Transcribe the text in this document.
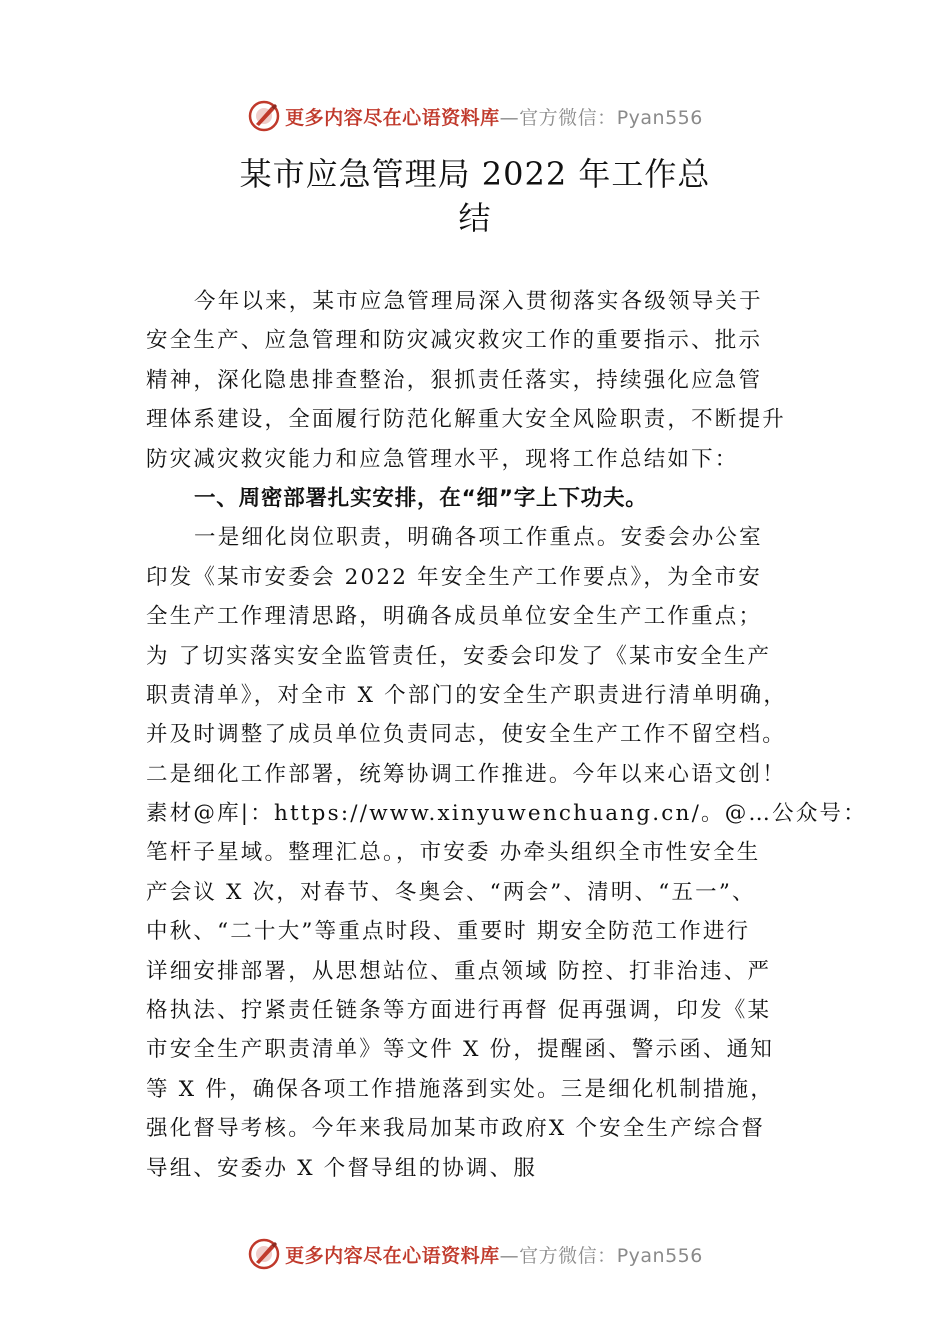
更多内容尽在心语资料库—官方微信：Pyan556
某市应急管理局 2022 年工作总
结
今年以来，某市应急管理局深入贯彻落实各级领导关于
安全生产、应急管理和防灾减灾救灾工作的重要指示、批示
精神，深化隐患排查整治，狠抓责任落实，持续强化应急管
理体系建设，全面履行防范化解重大安全风险职责，不断提升
防灾减灾救灾能力和应急管理水平，现将工作总结如下：
一、周密部署扎实安排，在“细”字上下功夫。
一是细化岗位职责，明确各项工作重点。安委会办公室
印发《某市安委会 2022 年安全生产工作要点》，为全市安
全生产工作理清思路，明确各成员单位安全生产工作重点；
为 了切实落实安全监管责任，安委会印发了《某市安全生产
职责清单》，对全市 X 个部门的安全生产职责进行清单明确，
并及时调整了成员单位负责同志，使安全生产工作不留空档。
二是细化工作部署，统筹协调工作推进。今年以来心语文创！
素材@库|：https://www.xinyuwenchuang.cn/。@…公众号：
笔杆子星域。整理汇总。，市安委 办牵头组织全市性安全生
产会议 X 次，对春节、冬奥会、“两会”、清明、“五一”、
中秋、“二十大”等重点时段、重要时 期安全防范工作进行
详细安排部署，从思想站位、重点领域 防控、打非治违、严
格执法、拧紧责任链条等方面进行再督 促再强调，印发《某
市安全生产职责清单》等文件 X 份，提醒函、警示函、通知
等 X 件，确保各项工作措施落到实处。三是细化机制措施，
强化督导考核。今年来我局加某市政府X 个安全生产综合督
导组、安委办 X 个督导组的协调、服
更多内容尽在心语资料库—官方微信：Pyan556
